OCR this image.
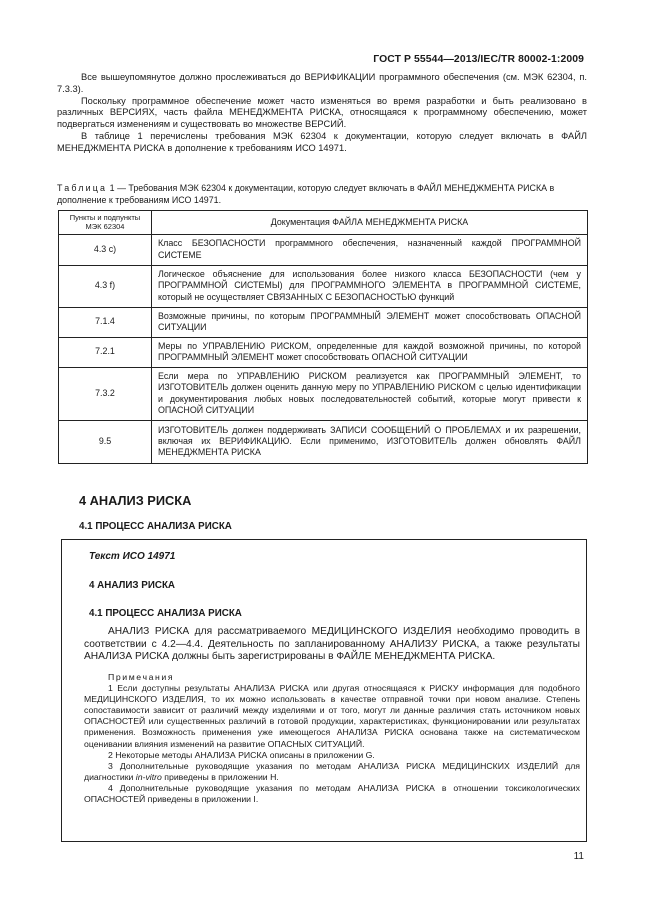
ГОСТ Р 55544—2013/IEC/TR 80002-1:2009

Все вышеупомянутое должно прослеживаться до ВЕРИФИКАЦИИ программного обеспечения (см. МЭК 62304, п. 7.3.3).

Поскольку программное обеспечение может часто изменяться во время разработки и быть реализовано в различных ВЕРСИЯХ, часть файла МЕНЕДЖМЕНТА РИСКА, относящаяся к программному обеспечению, может подвергаться изменениям и существовать во множестве ВЕРСИЙ.

В таблице 1 перечислены требования МЭК 62304 к документации, которую следует включать в ФАЙЛ МЕНЕДЖМЕНТА РИСКА в дополнение к требованиям ИСО 14971.

Таблица 1 — Требования МЭК 62304 к документации, которую следует включать в ФАЙЛ МЕНЕДЖМЕНТА РИСКА в дополнение к требованиям ИСО 14971.

Пункты и подпункты МЭК 62304	Документация ФАЙЛА МЕНЕДЖМЕНТА РИСКА
4.3 c)	Класс БЕЗОПАСНОСТИ программного обеспечения, назначенный каждой ПРОГРАММНОЙ СИСТЕМЕ
4.3 f)	Логическое объяснение для использования более низкого класса БЕЗОПАСНОСТИ (чем у ПРОГРАММНОЙ СИСТЕМЫ) для ПРОГРАММНОГО ЭЛЕМЕНТА в ПРОГРАММНОЙ СИСТЕМЕ, который не осуществляет СВЯЗАННЫХ С БЕЗОПАСНОСТЬЮ функций
7.1.4	Возможные причины, по которым ПРОГРАММНЫЙ ЭЛЕМЕНТ может способствовать ОПАСНОЙ СИТУАЦИИ
7.2.1	Меры по УПРАВЛЕНИЮ РИСКОМ, определенные для каждой возможной причины, по которой ПРОГРАММНЫЙ ЭЛЕМЕНТ может способствовать ОПАСНОЙ СИТУАЦИИ
7.3.2	Если мера по УПРАВЛЕНИЮ РИСКОМ реализуется как ПРОГРАММНЫЙ ЭЛЕМЕНТ, то ИЗГОТОВИТЕЛЬ должен оценить данную меру по УПРАВЛЕНИЮ РИСКОМ с целью идентификации и документирования любых новых последовательностей событий, которые могут привести к ОПАСНОЙ СИТУАЦИИ
9.5	ИЗГОТОВИТЕЛЬ должен поддерживать ЗАПИСИ СООБЩЕНИЙ О ПРОБЛЕМАХ и их разрешении, включая их ВЕРИФИКАЦИЮ. Если применимо, ИЗГОТОВИТЕЛЬ должен обновлять ФАЙЛ МЕНЕДЖМЕНТА РИСКА
4 АНАЛИЗ РИСКА
4.1 ПРОЦЕСС АНАЛИЗА РИСКА
Текст ИСО 14971
4 АНАЛИЗ РИСКА
4.1 ПРОЦЕСС АНАЛИЗА РИСКА

АНАЛИЗ РИСКА для рассматриваемого МЕДИЦИНСКОГО ИЗДЕЛИЯ необходимо проводить в соответствии с 4.2—4.4. Деятельность по запланированному АНАЛИЗУ РИСКА, а также результаты АНАЛИЗА РИСКА должны быть зарегистрированы в ФАЙЛЕ МЕНЕДЖМЕНТА РИСКА.

Примечания

1 Если доступны результаты АНАЛИЗА РИСКА или другая относящаяся к РИСКУ информация для подобного МЕДИЦИНСКОГО ИЗДЕЛИЯ, то их можно использовать в качестве отправной точки при новом анализе. Степень сопоставимости зависит от различий между изделиями и от того, могут ли данные различия стать источником новых ОПАСНОСТЕЙ или существенных различий в готовой продукции, характеристиках, функционировании или результатах применения. Возможность применения уже имеющегося АНАЛИЗА РИСКА основана также на систематическом оценивании влияния изменений на развитие ОПАСНЫХ СИТУАЦИЙ.

2 Некоторые методы АНАЛИЗА РИСКА описаны в приложении G.

3 Дополнительные руководящие указания по методам АНАЛИЗА РИСКА МЕДИЦИНСКИХ ИЗДЕЛИЙ для диагностики in-vitro приведены в приложении H.

4 Дополнительные руководящие указания по методам АНАЛИЗА РИСКА в отношении токсикологических ОПАСНОСТЕЙ приведены в приложении I.

11
